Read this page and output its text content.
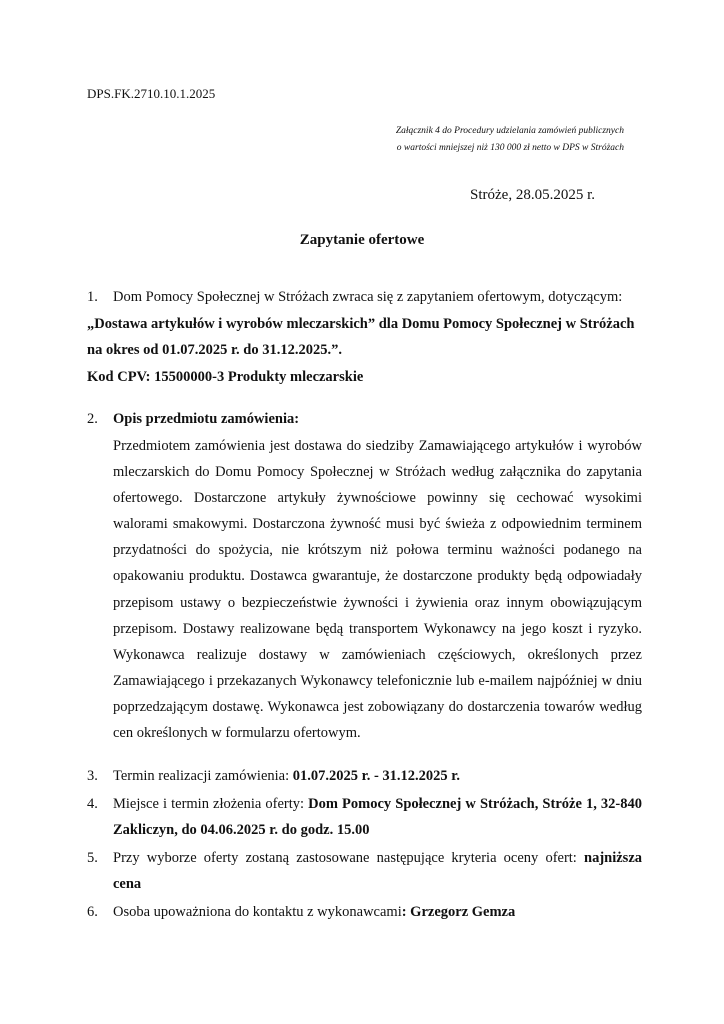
DPS.FK.2710.10.1.2025
Załącznik 4 do Procedury udzielania zamówień publicznych
o wartości mniejszej niż 130 000 zł netto w DPS w Stróżach
Stróże, 28.05.2025 r.
Zapytanie ofertowe
1. Dom Pomocy Społecznej w Stróżach zwraca się z zapytaniem ofertowym, dotyczącym:
„Dostawa artykułów i wyrobów mleczarskich” dla Domu Pomocy Społecznej w Stróżach
na okres od 01.07.2025 r. do 31.12.2025.”.
Kod CPV: 15500000-3 Produkty mleczarskie
2. Opis przedmiotu zamówienia:
Przedmiotem zamówienia jest dostawa do siedziby Zamawiającego artykułów i wyrobów mleczarskich do Domu Pomocy Społecznej w Stróżach według załącznika do zapytania ofertowego. Dostarczone artykuły żywnościowe powinny się cechować wysokimi walorami smakowymi. Dostarczona żywność musi być świeża z odpowiednim terminem przydatności do spożycia, nie krótszym niż połowa terminu ważności podanego na opakowaniu produktu. Dostawca gwarantuje, że dostarczone produkty będą odpowiadały przepisom ustawy o bezpieczeństwie żywności i żywienia oraz innym obowiązującym przepisom. Dostawy realizowane będą transportem Wykonawcy na jego koszt i ryzyko. Wykonawca realizuje dostawy w zamówieniach częściowych, określonych przez Zamawiającego i przekazanych Wykonawcy telefonicznie lub e-mailem najpóźniej w dniu poprzedzającym dostawę. Wykonawca jest zobowiązany do dostarczenia towarów według cen określonych w formularzu ofertowym.
3.	Termin realizacji zamówienia: 01.07.2025 r. - 31.12.2025 r.
4.	Miejsce i termin złożenia oferty: Dom Pomocy Społecznej w Stróżach, Stróże 1, 32-840 Zakliczyn, do 04.06.2025 r. do godz. 15.00
5.	Przy wyborze oferty zostaną zastosowane następujące kryteria oceny ofert: najniższa cena
6.	Osoba upoważniona do kontaktu z wykonawcami: Grzegorz Gemza
